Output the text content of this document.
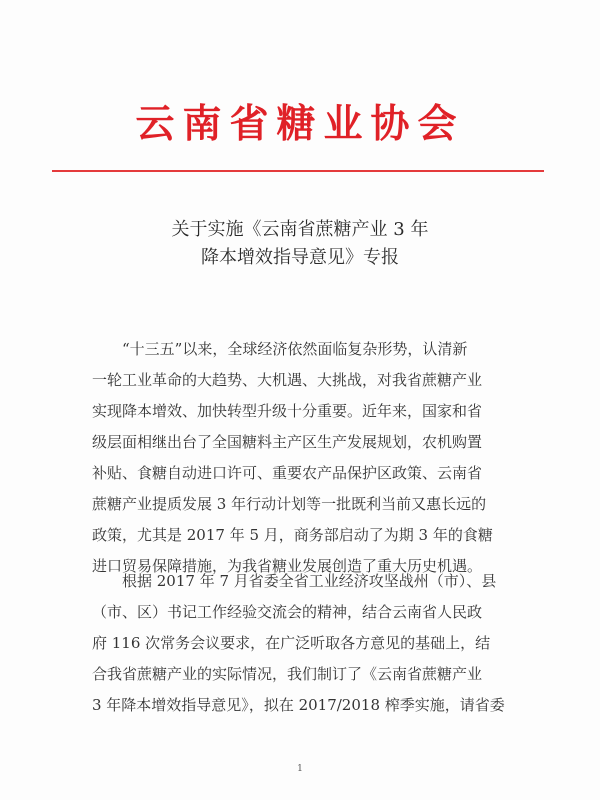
云南省糖业协会
关于实施《云南省蔗糖产业 3 年
降本增效指导意见》专报
“十三五”以来，全球经济依然面临复杂形势，认清新
一轮工业革命的大趋势、大机遇、大挑战，对我省蔗糖产业
实现降本增效、加快转型升级十分重要。近年来，国家和省
级层面相继出台了全国糖料主产区生产发展规划，农机购置
补贴、食糖自动进口许可、重要农产品保护区政策、云南省
蔗糖产业提质发展 3 年行动计划等一批既利当前又惠长远的
政策，尤其是 2017 年 5 月，商务部启动了为期 3 年的食糖
进口贸易保障措施，为我省糖业发展创造了重大历史机遇。
根据 2017 年 7 月省委全省工业经济攻坚战州（市）、县
（市、区）书记工作经验交流会的精神，结合云南省人民政
府 116 次常务会议要求，在广泛听取各方意见的基础上，结
合我省蔗糖产业的实际情况，我们制订了《云南省蔗糖产业
3 年降本增效指导意见》，拟在 2017/2018 榨季实施，请省委
1
